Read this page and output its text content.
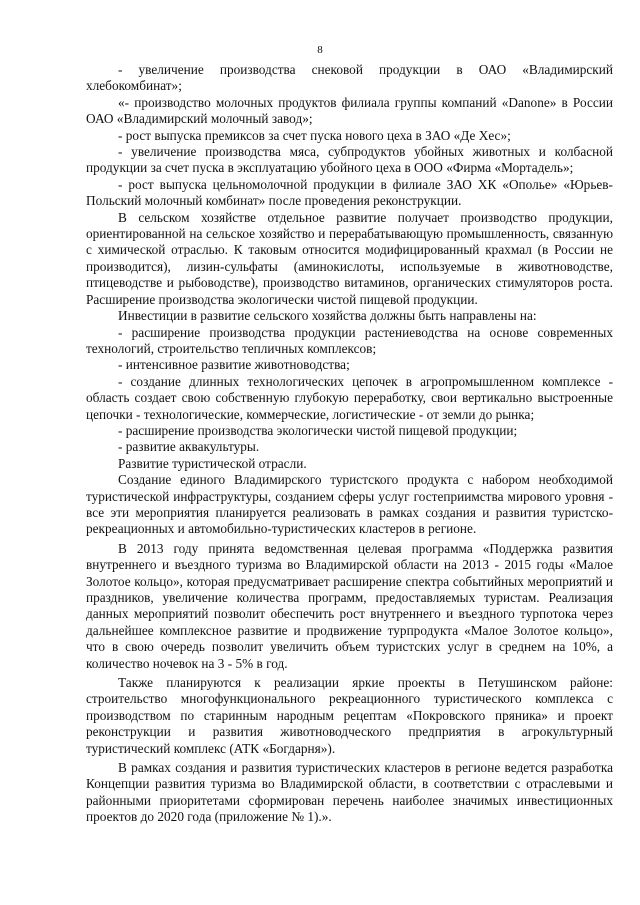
8

- увеличение производства снековой продукции в ОАО «Владимирский хлебокомбинат»;

«- производство молочных продуктов филиала группы компаний «Danone» в России ОАО «Владимирский молочный завод»;

- рост выпуска премиксов за счет пуска нового цеха в ЗАО «Де Хес»;

- увеличение производства мяса, субпродуктов убойных животных и колбасной продукции за счет пуска в эксплуатацию убойного цеха в ООО «Фирма «Мортадель»;

- рост выпуска цельномолочной продукции в филиале ЗАО ХК «Ополье» «Юрьев-Польский молочный комбинат» после проведения реконструкции.

В сельском хозяйстве отдельное развитие получает производство продукции, ориентированной на сельское хозяйство и перерабатывающую промышленность, связанную с химической отраслью. К таковым относится модифицированный крахмал (в России не производится), лизин-сульфаты (аминокислоты, используемые в животноводстве, птицеводстве и рыбоводстве), производство витаминов, органических стимуляторов роста. Расширение производства экологически чистой пищевой продукции.

Инвестиции в развитие сельского хозяйства должны быть направлены на:

- расширение производства продукции растениеводства на основе современных технологий, строительство тепличных комплексов;

- интенсивное развитие животноводства;

- создание длинных технологических цепочек в агропромышленном комплексе - область создает свою собственную глубокую переработку, свои вертикально выстроенные цепочки - технологические, коммерческие, логистические - от земли до рынка;

- расширение производства экологически чистой пищевой продукции;

- развитие аквакультуры.

Развитие туристической отрасли.

Создание единого Владимирского туристского продукта с набором необходимой туристической инфраструктуры, созданием сферы услуг гостеприимства мирового уровня - все эти мероприятия планируется реализовать в рамках создания и развития туристско-рекреационных и автомобильно-туристических кластеров в регионе.

В 2013 году принята ведомственная целевая программа «Поддержка развития внутреннего и въездного туризма во Владимирской области на 2013 - 2015 годы «Малое Золотое кольцо», которая предусматривает расширение спектра событийных мероприятий и праздников, увеличение количества программ, предоставляемых туристам. Реализация данных мероприятий позволит обеспечить рост внутреннего и въездного турпотока через дальнейшее комплексное развитие и продвижение турпродукта «Малое Золотое кольцо», что в свою очередь позволит увеличить объем туристских услуг в среднем на 10%, а количество ночевок на 3 - 5% в год.

Также планируются к реализации яркие проекты в Петушинском районе: строительство многофункционального рекреационного туристического комплекса с производством по старинным народным рецептам «Покровского пряника» и проект реконструкции и развития животноводческого предприятия в агрокультурный туристический комплекс (АТК «Богдарня»).

В рамках создания и развития туристических кластеров в регионе ведется разработка Концепции развития туризма во Владимирской области, в соответствии с отраслевыми и районными приоритетами сформирован перечень наиболее значимых инвестиционных проектов до 2020 года (приложение № 1).».
